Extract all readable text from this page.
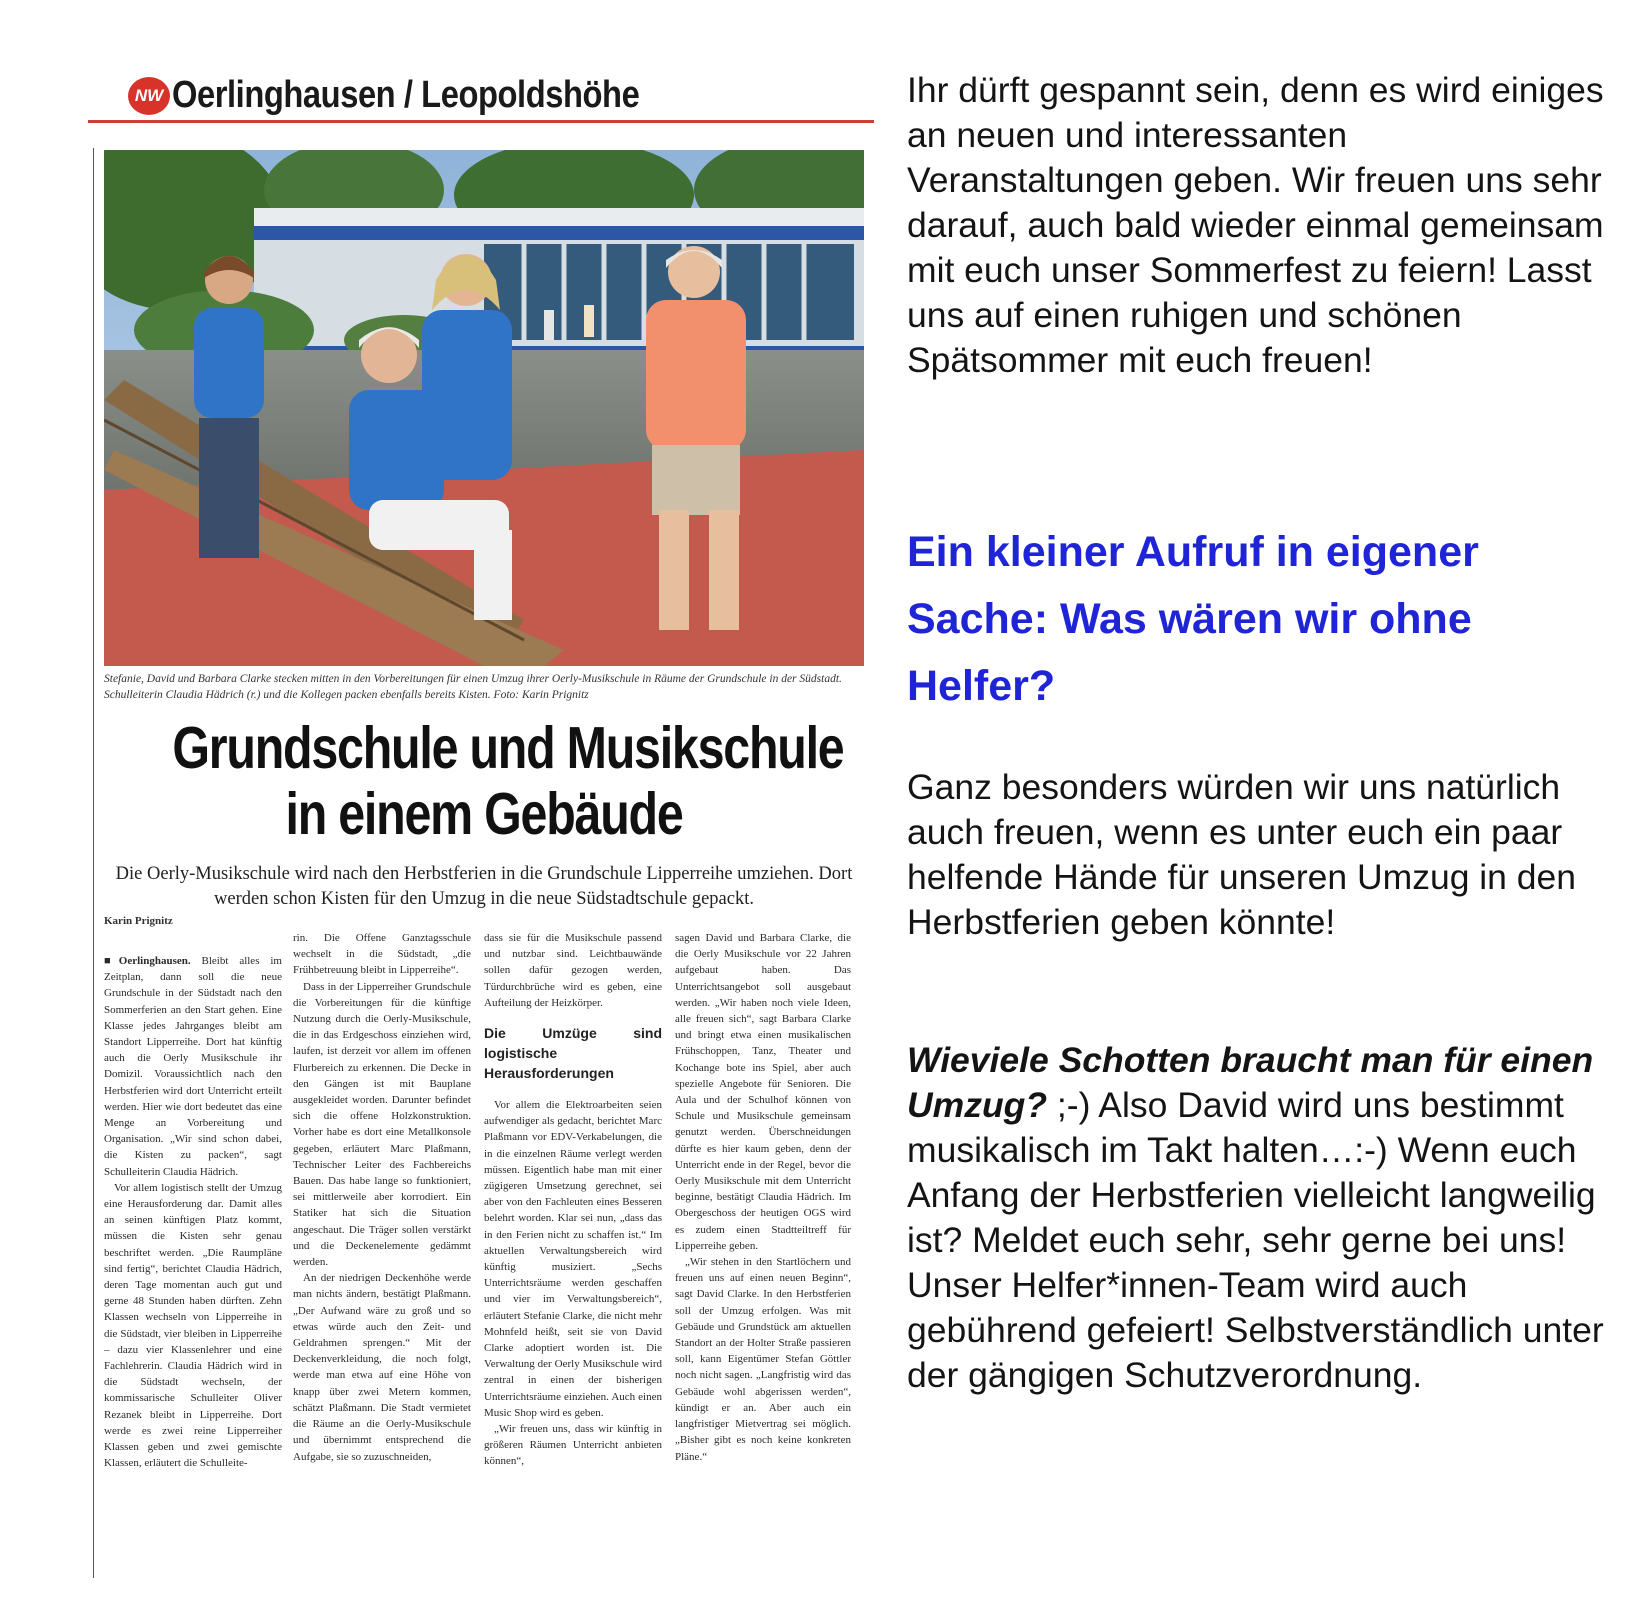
NW Oerlinghausen / Leopoldshöhe
Stefanie, David und Barbara Clarke stecken mitten in den Vorbereitungen für einen Umzug ihrer Oerly-Musikschule in Räume der Grundschule in der Südstadt. Schulleiterin Claudia Hädrich (r.) und die Kollegen packen ebenfalls bereits Kisten. Foto: Karin Prignitz
Grundschule und Musikschule
in einem Gebäude
Die Oerly-Musikschule wird nach den Herbstferien in die Grundschule Lipperreihe umziehen. Dort werden schon Kisten für den Umzug in die neue Südstadtschule gepackt.
Karin Prignitz

■Oerlinghausen. Bleibt alles im Zeitplan, dann soll die neue Grundschule in der Südstadt nach den Sommerferien an den Start gehen. Eine Klasse jedes Jahrganges bleibt am Standort Lipperreihe. Dort hat künftig auch die Oerly Musikschule ihr Domizil. Voraussichtlich nach den Herbstferien wird dort Unterricht erteilt werden. Hier wie dort bedeutet das eine Menge an Vorbereitung und Organisation. „Wir sind schon dabei, die Kisten zu packen“, sagt Schulleiterin Claudia Hädrich.

Vor allem logistisch stellt der Umzug eine Herausforderung dar. Damit alles an seinen künftigen Platz kommt, müssen die Kisten sehr genau beschriftet werden. „Die Raumpläne sind fertig“, berichtet Claudia Hädrich, deren Tage momentan auch gut und gerne 48 Stunden haben dürften. Zehn Klassen wechseln von Lipperreihe in die Südstadt, vier bleiben in Lipperreihe – dazu vier Klassenlehrer und eine Fachlehrerin. Claudia Hädrich wird in die Südstadt wechseln, der kommissarische Schulleiter Oliver Rezanek bleibt in Lipperreihe. Dort werde es zwei reine Lipperreiher Klassen geben und zwei gemischte Klassen, erläutert die Schulleite-

rin. Die Offene Ganztagsschule wechselt in die Südstadt, „die Frühbetreuung bleibt in Lipperreihe“.

Dass in der Lipperreiher Grundschule die Vorbereitungen für die künftige Nutzung durch die Oerly-Musikschule, die in das Erdgeschoss einziehen wird, laufen, ist derzeit vor allem im offenen Flurbereich zu erkennen. Die Decke in den Gängen ist mit Bauplane ausgekleidet worden. Darunter befindet sich die offene Holzkonstruktion. Vorher habe es dort eine Metallkonsole gegeben, erläutert Marc Plaßmann, Technischer Leiter des Fachbereichs Bauen. Das habe lange so funktioniert, sei mittlerweile aber korrodiert. Ein Statiker hat sich die Situation angeschaut. Die Träger sollen verstärkt und die Deckenelemente gedämmt werden.

An der niedrigen Deckenhöhe werde man nichts ändern, bestätigt Plaßmann. „Der Aufwand wäre zu groß und so etwas würde auch den Zeit- und Geldrahmen sprengen.“ Mit der Deckenverkleidung, die noch folgt, werde man etwa auf eine Höhe von knapp über zwei Metern kommen, schätzt Plaßmann. Die Stadt vermietet die Räume an die Oerly-Musikschule und übernimmt entsprechend die Aufgabe, sie so zuzuschneiden,

dass sie für die Musikschule passend und nutzbar sind. Leichtbauwände sollen dafür gezogen werden, Türdurchbrüche wird es geben, eine Aufteilung der Heizkörper.

Die Umzüge sind logistische Herausforderungen

Vor allem die Elektroarbeiten seien aufwendiger als gedacht, berichtet Marc Plaßmann vor EDV-Verkabelungen, die in die einzelnen Räume verlegt werden müssen. Eigentlich habe man mit einer zügigeren Umsetzung gerechnet, sei aber von den Fachleuten eines Besseren belehrt worden. Klar sei nun, „dass das in den Ferien nicht zu schaffen ist.“ Im aktuellen Verwaltungsbereich wird künftig musiziert. „Sechs Unterrichtsräume werden geschaffen und vier im Verwaltungsbereich“, erläutert Stefanie Clarke, die nicht mehr Mohnfeld heißt, seit sie von David Clarke adoptiert worden ist. Die Verwaltung der Oerly Musikschule wird zentral in einen der bisherigen Unterrichtsräume einziehen. Auch einen Music Shop wird es geben.

„Wir freuen uns, dass wir künftig in größeren Räumen Unterricht anbieten können“,

sagen David und Barbara Clarke, die die Oerly Musikschule vor 22 Jahren aufgebaut haben. Das Unterrichtsangebot soll ausgebaut werden. „Wir haben noch viele Ideen, alle freuen sich“, sagt Barbara Clarke und bringt etwa einen musikalischen Frühschoppen, Tanz, Theater und Kochange bote ins Spiel, aber auch spezielle Angebote für Senioren. Die Aula und der Schulhof können von Schule und Musikschule gemeinsam genutzt werden. Überschneidungen dürfte es hier kaum geben, denn der Unterricht ende in der Regel, bevor die Oerly Musikschule mit dem Unterricht beginne, bestätigt Claudia Hädrich. Im Obergeschoss der heutigen OGS wird es zudem einen Stadtteiltreff für Lipperreihe geben.

„Wir stehen in den Startlöchern und freuen uns auf einen neuen Beginn“, sagt David Clarke. In den Herbstferien soll der Umzug erfolgen. Was mit Gebäude und Grundstück am aktuellen Standort an der Holter Straße passieren soll, kann Eigentümer Stefan Göttler noch nicht sagen. „Langfristig wird das Gebäude wohl abgerissen werden“, kündigt er an. Aber auch ein langfristiger Mietvertrag sei möglich. „Bisher gibt es noch keine konkreten Pläne.“

Ihr dürft gespannt sein, denn es wird einiges an neuen und interessanten Veranstaltungen geben. Wir freuen uns sehr darauf, auch bald wieder einmal gemeinsam mit euch unser Sommerfest zu feiern! Lasst uns auf einen ruhigen und schönen Spätsommer mit euch freuen!

Ein kleiner Aufruf in eigener Sache: Was wären wir ohne Helfer?

Ganz besonders würden wir uns natürlich auch freuen, wenn es unter euch ein paar helfende Hände für unseren Umzug in den Herbstferien geben könnte!

Wieviele Schotten braucht man für einen Umzug? ;-) Also David wird uns bestimmt musikalisch im Takt halten…:-) Wenn euch Anfang der Herbstferien vielleicht langweilig ist? Meldet euch sehr, sehr gerne bei uns! Unser Helfer*innen-Team wird auch gebührend gefeiert! Selbstverständlich unter der gängigen Schutzverordnung.
